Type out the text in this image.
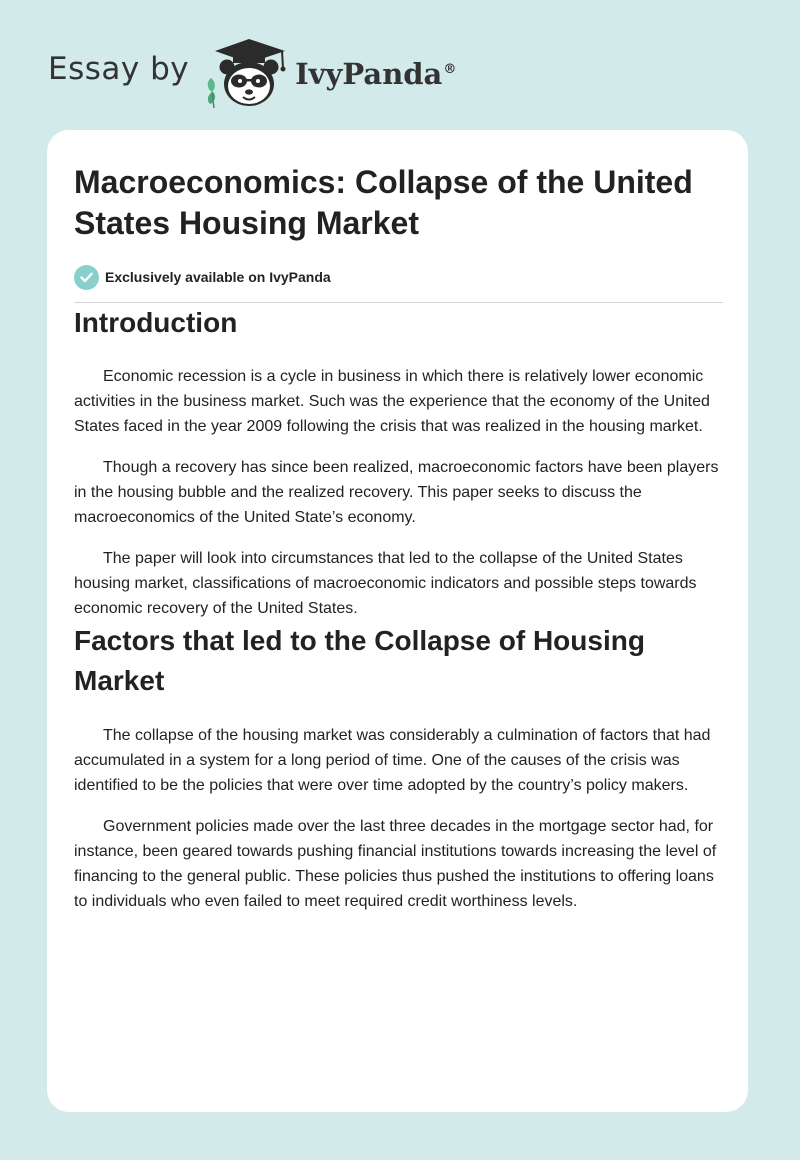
Essay by	IvyPanda®
Macroeconomics: Collapse of the United States Housing Market
Exclusively available on IvyPanda
Introduction

Economic recession is a cycle in business in which there is relatively lower economic activities in the business market. Such was the experience that the economy of the United States faced in the year 2009 following the crisis that was realized in the housing market.

Though a recovery has since been realized, macroeconomic factors have been players in the housing bubble and the realized recovery. This paper seeks to discuss the macroeconomics of the United State’s economy.

The paper will look into circumstances that led to the collapse of the United States housing market, classifications of macroeconomic indicators and possible steps towards economic recovery of the United States.

Factors that led to the Collapse of Housing Market

The collapse of the housing market was considerably a culmination of factors that had accumulated in a system for a long period of time. One of the causes of the crisis was identified to be the policies that were over time adopted by the country’s policy makers.

Government policies made over the last three decades in the mortgage sector had, for instance, been geared towards pushing financial institutions towards increasing the level of financing to the general public. These policies thus pushed the institutions to offering loans to individuals who even failed to meet required credit worthiness levels.
